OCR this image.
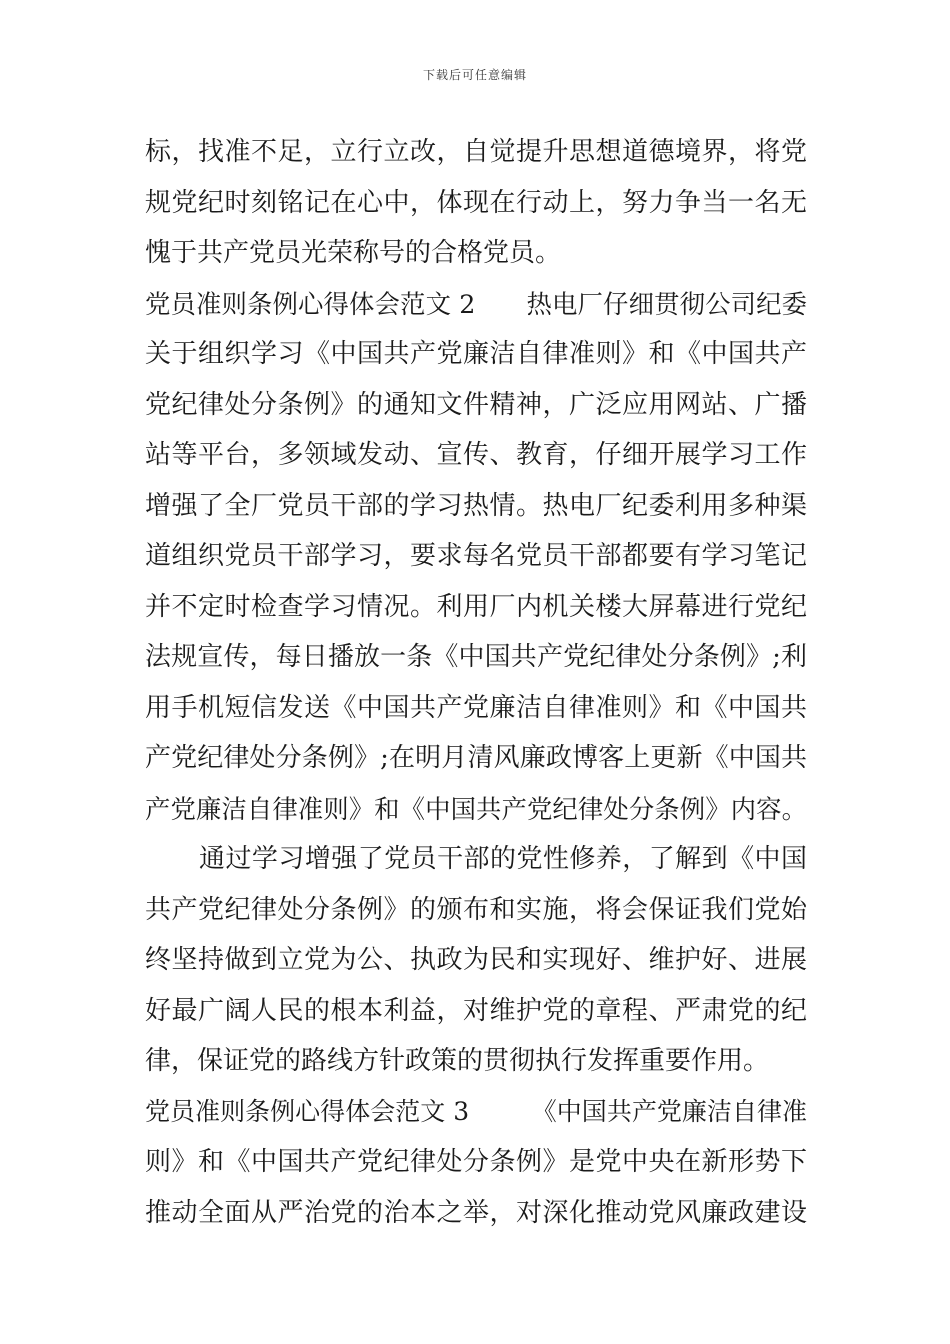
下载后可任意编辑
标，找准不足，立行立改，自觉提升思想道德境界，将党
规党纪时刻铭记在心中，体现在行动上，努力争当一名无
愧于共产党员光荣称号的合格党员。
党员准则条例心得体会范文 2　　热电厂仔细贯彻公司纪委
关于组织学习《中国共产党廉洁自律准则》和《中国共产
党纪律处分条例》的通知文件精神，广泛应用网站、广播
站等平台，多领域发动、宣传、教育，仔细开展学习工作
增强了全厂党员干部的学习热情。热电厂纪委利用多种渠
道组织党员干部学习，要求每名党员干部都要有学习笔记
并不定时检查学习情况。利用厂内机关楼大屏幕进行党纪
法规宣传，每日播放一条《中国共产党纪律处分条例》;利
用手机短信发送《中国共产党廉洁自律准则》和《中国共
产党纪律处分条例》;在明月清风廉政博客上更新《中国共
产党廉洁自律准则》和《中国共产党纪律处分条例》内容。
通过学习增强了党员干部的党性修养，了解到《中国
共产党纪律处分条例》的颁布和实施，将会保证我们党始
终坚持做到立党为公、执政为民和实现好、维护好、进展
好最广阔人民的根本利益，对维护党的章程、严肃党的纪
律，保证党的路线方针政策的贯彻执行发挥重要作用。
党员准则条例心得体会范文 3　　　《中国共产党廉洁自律准
则》和《中国共产党纪律处分条例》是党中央在新形势下
推动全面从严治党的治本之举，对深化推动党风廉政建设
